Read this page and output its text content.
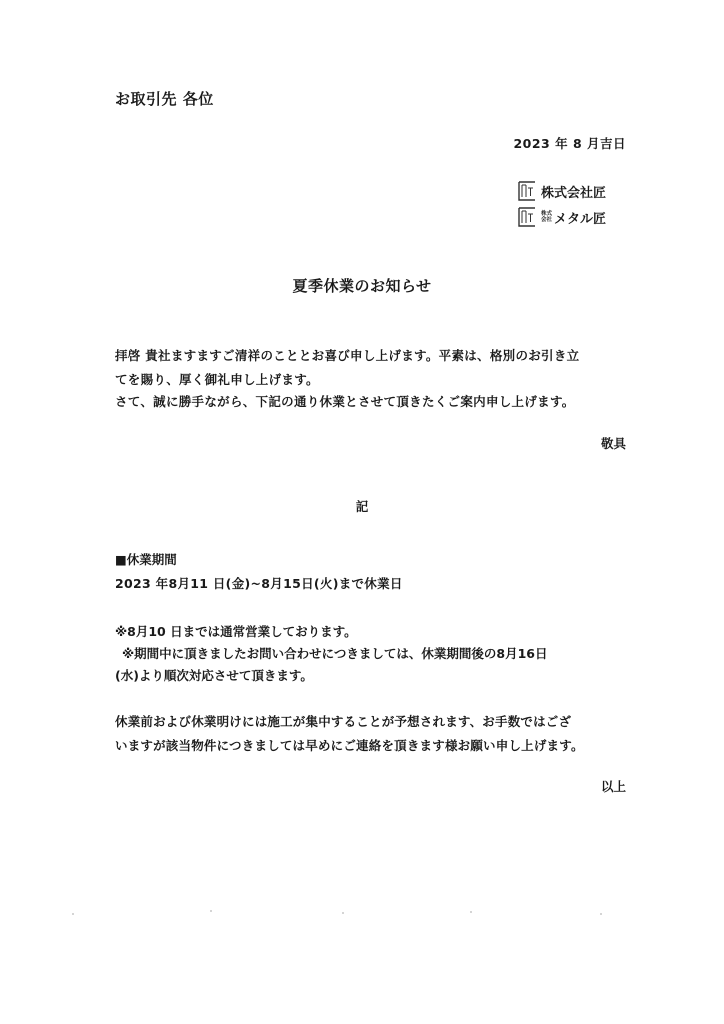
お取引先 各位
2023 年 8 月吉日
株式会社匠
株式
会社 メタル匠
夏季休業のお知らせ
拝啓 貴社ますますご清祥のこととお喜び申し上げます。平素は、格別のお引き立
てを賜り、厚く御礼申し上げます。
さて、誠に勝手ながら、下記の通り休業とさせて頂きたくご案内申し上げます。
敬具
記
■休業期間
2023 年8月11 日(金)~8月15日(火)まで休業日
※8月10 日までは通常営業しております。
※期間中に頂きましたお問い合わせにつきましては、休業期間後の8月16日
(水)より順次対応させて頂きます。
休業前および休業明けには施工が集中することが予想されます、お手数ではござ
いますが該当物件につきましては早めにご連絡を頂きます様お願い申し上げます。
以上
